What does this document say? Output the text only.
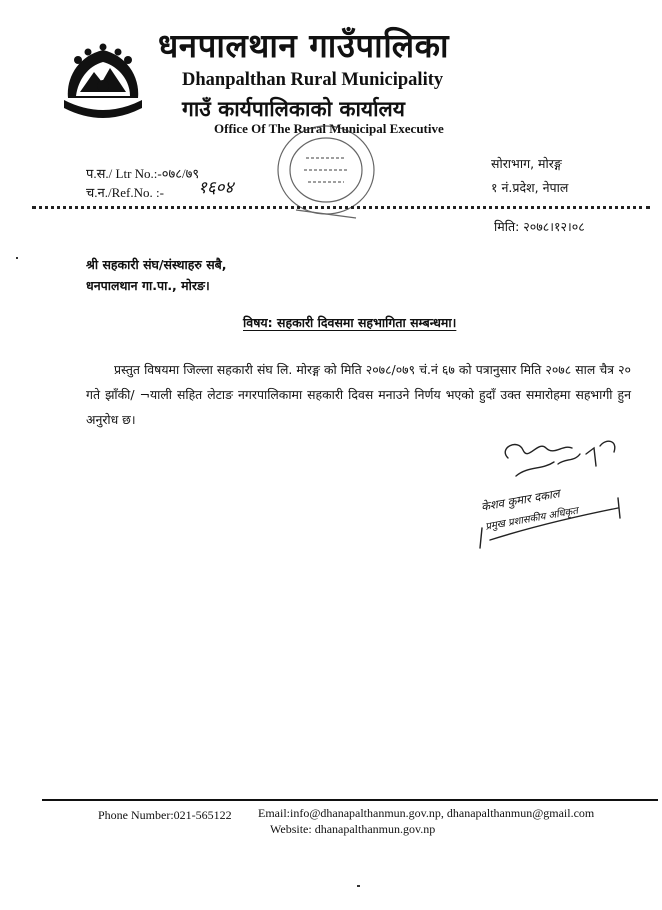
धनपालथान गाउँपालिका
Dhanpalthan Rural Municipality
गाउँ कार्यपालिकाको कार्यालय
Office Of The Rural Municipal Executive
प.स./ Ltr No.:-०७८/७९
च.न./Ref.No. :- १६०४
सोराभाग, मोरङ्ग
१ नं.प्रदेश, नेपाल
मिति: २०७८।१२।०८
श्री सहकारी संघ/संस्थाहरु सबै,
धनपालथान गा.पा., मोरङ।
विषय: सहकारी दिवसमा सहभागिता सम्बन्धमा।
प्रस्तुत विषयमा जिल्ला सहकारी संघ लि. मोरङ्ग को मिति २०७८/०७९ चं.नं ६७ को पत्रानुसार मिति २०७८ साल चैत्र २० गते झाँकी/ ¬याली सहित लेटाङ नगरपालिकामा सहकारी दिवस मनाउने निर्णय भएको हुदाँ उक्त समारोहमा सहभागी हुन अनुरोध छ।
केशव कुमार दकाल
प्रमुख प्रशासकीय अधिकृत
Phone Number:021-565122 Email:info@dhanapalthanmun.gov.np, dhanapalthanmun@gmail.com
Website: dhanapalthanmun.gov.np
